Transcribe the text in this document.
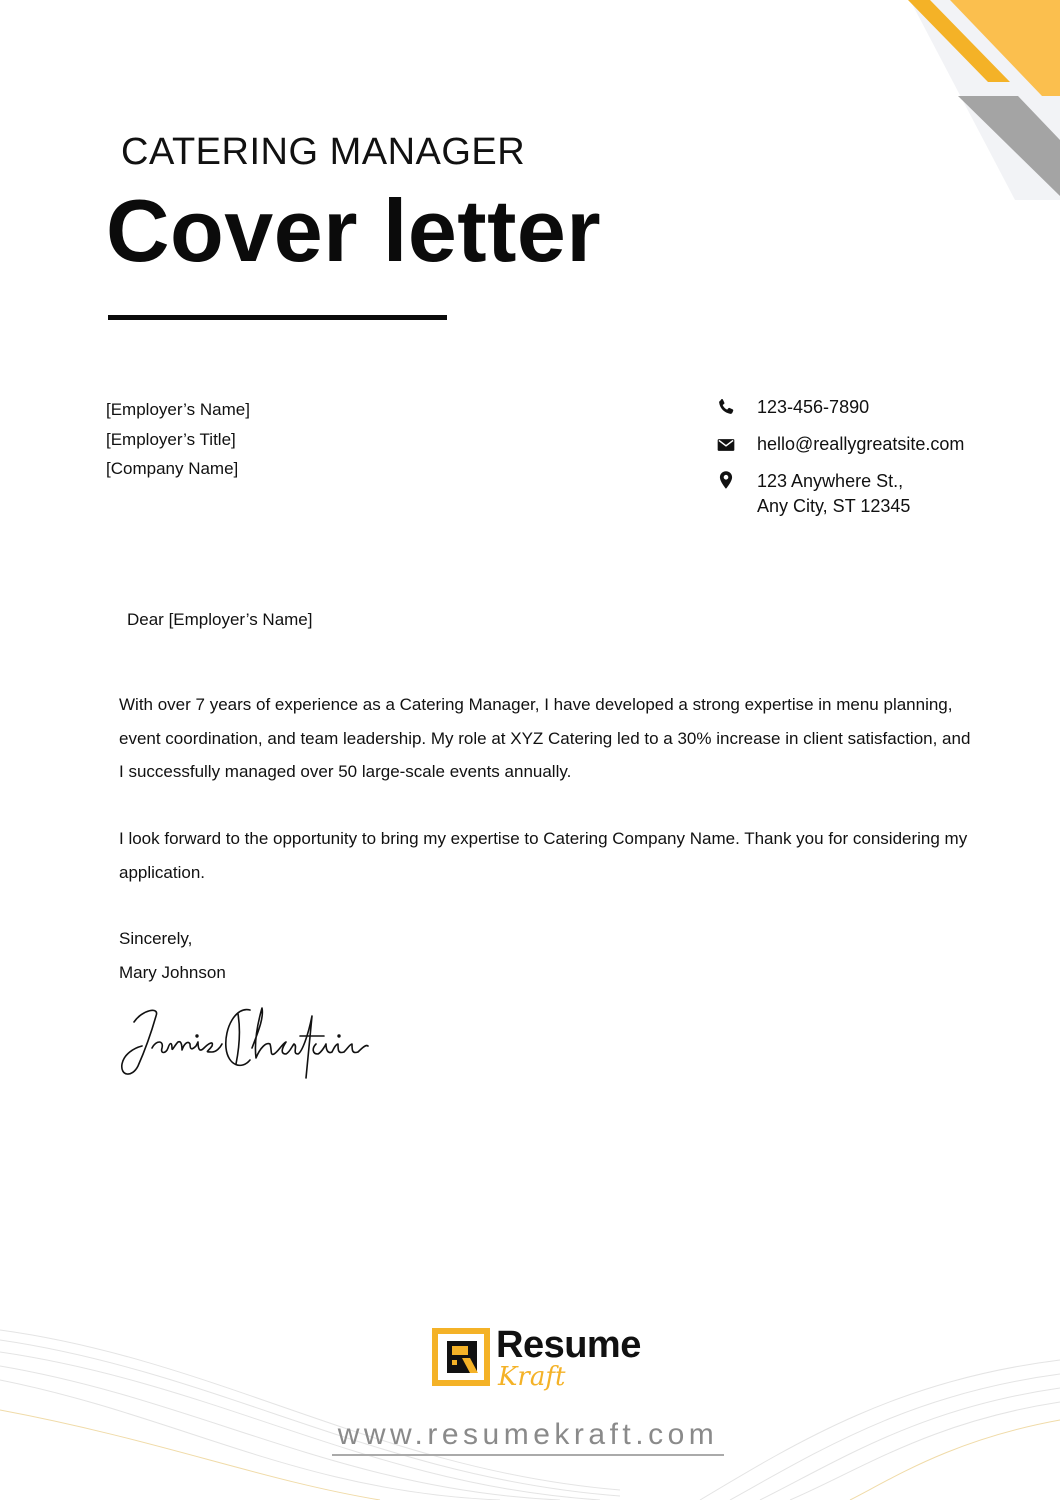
CATERING MANAGER
Cover letter
[Employer’s Name]
[Employer’s Title]
[Company Name]
123-456-7890
hello@reallygreatsite.com
123 Anywhere St.,
Any City, ST 12345
Dear [Employer’s Name]

With over 7 years of experience as a Catering Manager, I have developed a strong expertise in menu planning, event coordination, and team leadership. My role at XYZ Catering led to a 30% increase in client satisfaction, and I successfully managed over 50 large-scale events annually.

I look forward to the opportunity to bring my expertise to Catering Company Name. Thank you for considering my application.

Sincerely,
Mary Johnson
Resume
Kraft
www.resumekraft.com
